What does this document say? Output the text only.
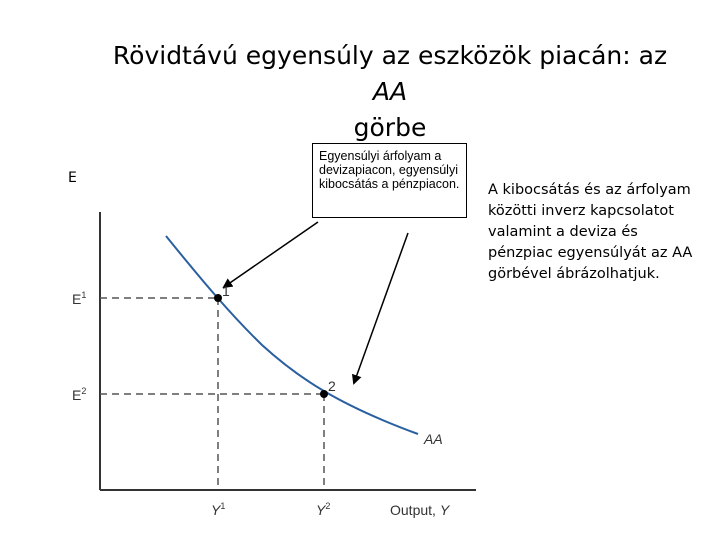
Rövidtávú egyensúly az eszközök piacán: az AA
görbe
E
$E^1$
$E^2$
$Y^1$	$Y^2$	Output, Y
AA
1
2
Egyensúlyi árfolyam a devizapiacon, egyensúlyi kibocsátás a pénzpiacon.	A kibocsátás és az árfolyam közötti inverz kapcsolatot valamint a deviza és pénzpiac egyensúlyát az AA görbével ábrázolhatjuk.
